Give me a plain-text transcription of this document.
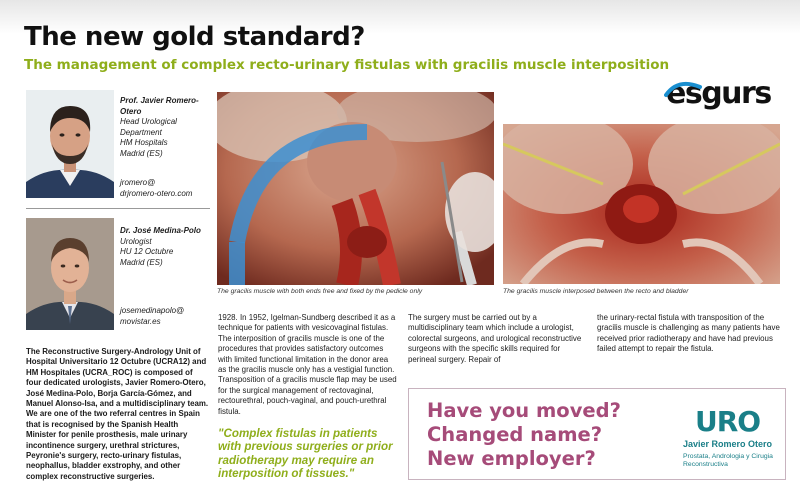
The new gold standard?
The management of complex recto-urinary fistulas with gracilis muscle interposition
esgurs
Prof. Javier Romero-Otero
Head Urological
Department
HM Hospitals
Madrid (ES)
jromero@
drjromero-otero.com
Dr. José Medina-Polo
Urologist
HU 12 Octubre
Madrid (ES)
josemedinapolo@
movistar.es
The Reconstructive Surgery-Andrology Unit of Hospital Universitario 12 Octubre (UCRA12) and HM Hospitales (UCRA_ROC) is composed of four dedicated urologists, Javier Romero-Otero, José Medina-Polo, Borja García-Gómez, and Manuel Alonso-Isa, and a multidisciplinary team. We are one of the two referral centres in Spain that is recognised by the Spanish Health Minister for penile prosthesis, male urinary incontinence surgery, urethral strictures, Peyronie's surgery, recto-urinary fistulas, neophallus, bladder exstrophy, and other complex reconstructive surgeries.
The gracilis muscle with both ends free and fixed by the pedicle only	The gracilis muscle interposed between the recto and bladder
1928. In 1952, Igelman-Sundberg described it as a technique for patients with vesicovaginal fistulas. The interposition of gracilis muscle is one of the procedures that provides satisfactory outcomes with limited functional limitation in the donor area as the gracilis muscle only has a vestigial function. Transposition of a gracilis muscle flap may be used for the surgical management of rectovaginal, rectourethral, pouch-vaginal, and pouch-urethral fistula.
"Complex fistulas in patients with previous surgeries or prior radiotherapy may require an interposition of tissues."
The surgery must be carried out by a multidisciplinary team which include a urologist, colorectal surgeons, and urological reconstructive surgeons with the specific skills required for perineal surgery. Repair of
the urinary-rectal fistula with transposition of the gracilis muscle is challenging as many patients have received prior radiotherapy and have had previous failed attempt to repair the fistula.
Have you moved?
Changed name?
New employer?
URO
Javier Romero Otero
Prostata, Andrologia y Cirugia Reconstructiva
